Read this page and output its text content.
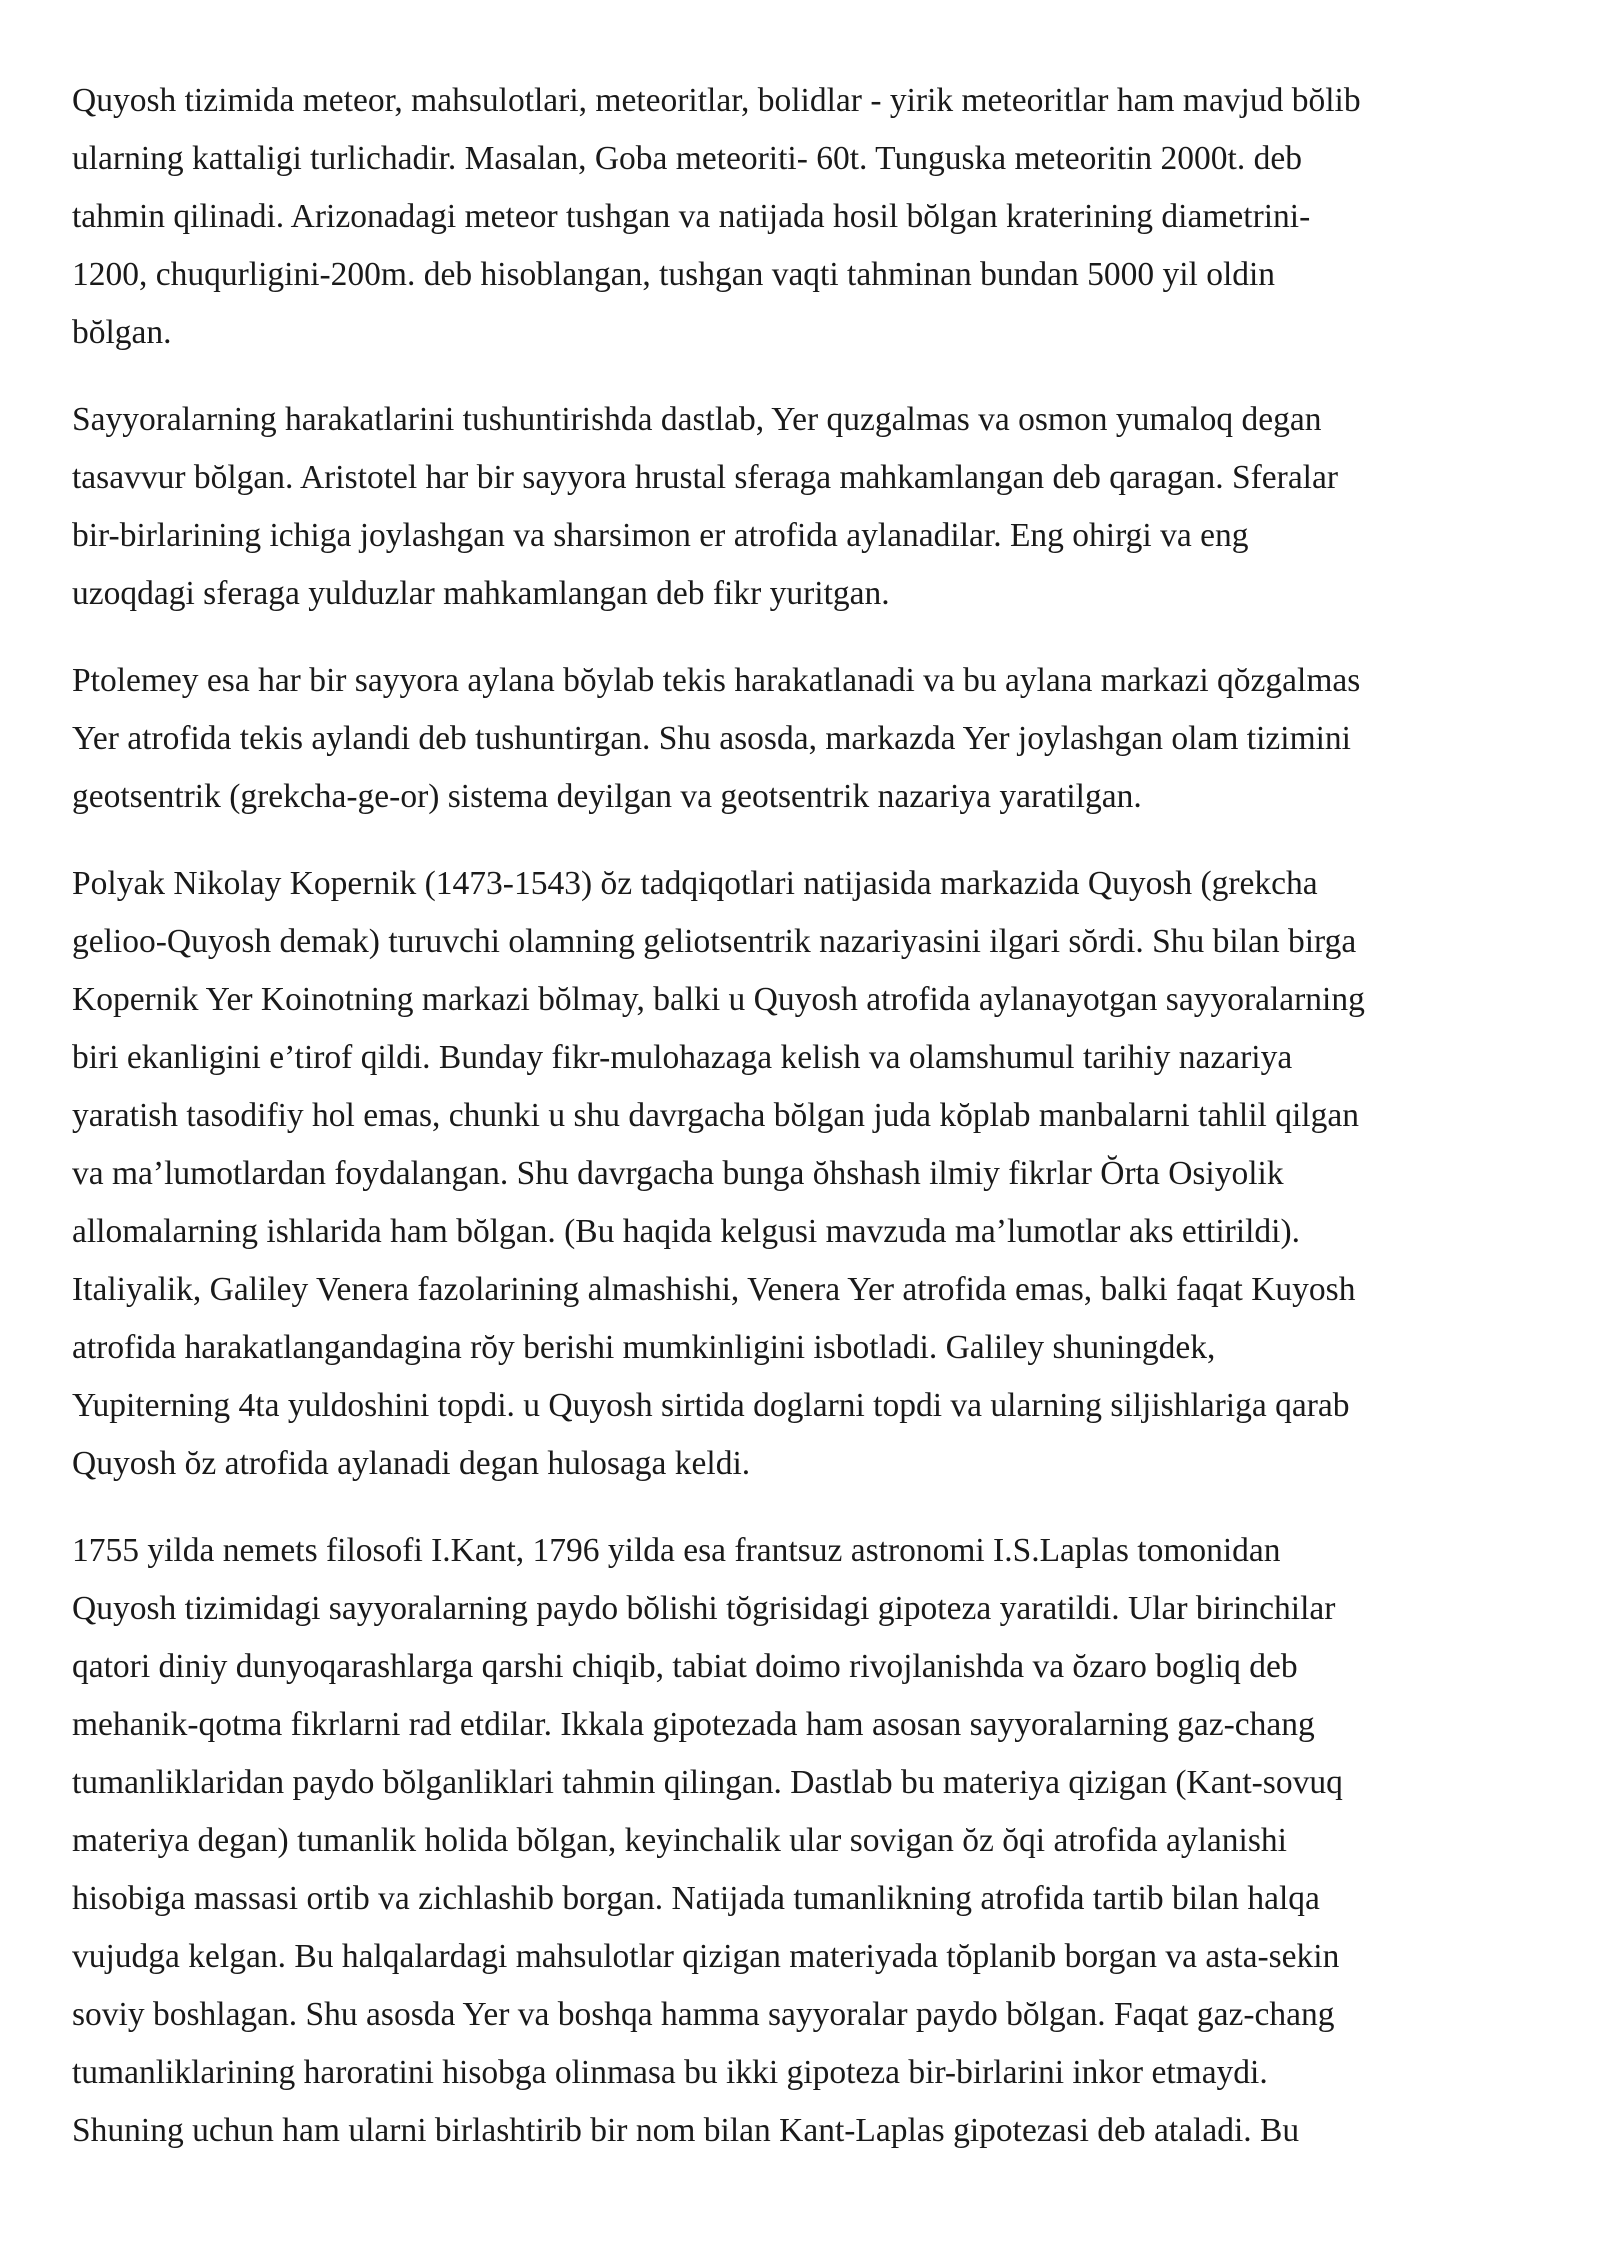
Quyosh tizimida meteor, mahsulotlari, meteoritlar, bolidlar - yirik meteoritlar ham mavjud bŏlib
ularning kattaligi turlichadir. Masalan, Goba meteoriti- 60t. Tunguska meteoritin 2000t. deb
tahmin qilinadi. Arizonadagi meteor tushgan va natijada hosil bŏlgan kraterining diametrini-
1200, chuqurligini-200m. deb hisoblangan, tushgan vaqti tahminan bundan 5000 yil oldin
bŏlgan.

Sayyoralarning harakatlarini tushuntirishda dastlab, Yer quzgalmas va osmon yumaloq degan
tasavvur bŏlgan. Aristotel har bir sayyora hrustal sferaga mahkamlangan deb qaragan. Sferalar
bir-birlarining ichiga joylashgan va sharsimon er atrofida aylanadilar. Eng ohirgi va eng
uzoqdagi sferaga yulduzlar mahkamlangan deb fikr yuritgan.

Ptolemey esa har bir sayyora aylana bŏylab tekis harakatlanadi va bu aylana markazi qŏzgalmas
Yer atrofida tekis aylandi deb tushuntirgan. Shu asosda, markazda Yer joylashgan olam tizimini
geotsentrik (grekcha-ge-or) sistema deyilgan va geotsentrik nazariya yaratilgan.

Polyak Nikolay Kopernik (1473-1543) ŏz tadqiqotlari natijasida markazida Quyosh (grekcha
gelioo-Quyosh demak) turuvchi olamning geliotsentrik nazariyasini ilgari sŏrdi. Shu bilan birga
Kopernik Yer Koinotning markazi bŏlmay, balki u Quyosh atrofida aylanayotgan sayyoralarning
biri ekanligini e’tirof qildi. Bunday fikr-mulohazaga kelish va olamshumul tarihiy nazariya
yaratish tasodifiy hol emas, chunki u shu davrgacha bŏlgan juda kŏplab manbalarni tahlil qilgan
va ma’lumotlardan foydalangan. Shu davrgacha bunga ŏhshash ilmiy fikrlar Ŏrta Osiyolik
allomalarning ishlarida ham bŏlgan. (Bu haqida kelgusi mavzuda ma’lumotlar aks ettirildi).
Italiyalik, Galiley Venera fazolarining almashishi, Venera Yer atrofida emas, balki faqat Kuyosh
atrofida harakatlangandagina rŏy berishi mumkinligini isbotladi. Galiley shuningdek,
Yupiterning 4ta yuldoshini topdi. u Quyosh sirtida doglarni topdi va ularning siljishlariga qarab
Quyosh ŏz atrofida aylanadi degan hulosaga keldi.

1755 yilda nemets filosofi I.Kant, 1796 yilda esa frantsuz astronomi I.S.Laplas tomonidan
Quyosh tizimidagi sayyoralarning paydo bŏlishi tŏgrisidagi gipoteza yaratildi. Ular birinchilar
qatori diniy dunyoqarashlarga qarshi chiqib, tabiat doimo rivojlanishda va ŏzaro bogliq deb
mehanik-qotma fikrlarni rad etdilar. Ikkala gipotezada ham asosan sayyoralarning gaz-chang
tumanliklaridan paydo bŏlganliklari tahmin qilingan. Dastlab bu materiya qizigan (Kant-sovuq
materiya degan) tumanlik holida bŏlgan, keyinchalik ular sovigan ŏz ŏqi atrofida aylanishi
hisobiga massasi ortib va zichlashib borgan. Natijada tumanlikning atrofida tartib bilan halqa
vujudga kelgan. Bu halqalardagi mahsulotlar qizigan materiyada tŏplanib borgan va asta-sekin
soviy boshlagan. Shu asosda Yer va boshqa hamma sayyoralar paydo bŏlgan. Faqat gaz-chang
tumanliklarining haroratini hisobga olinmasa bu ikki gipoteza bir-birlarini inkor etmaydi.
Shuning uchun ham ularni birlashtirib bir nom bilan Kant-Laplas gipotezasi deb ataladi. Bu
